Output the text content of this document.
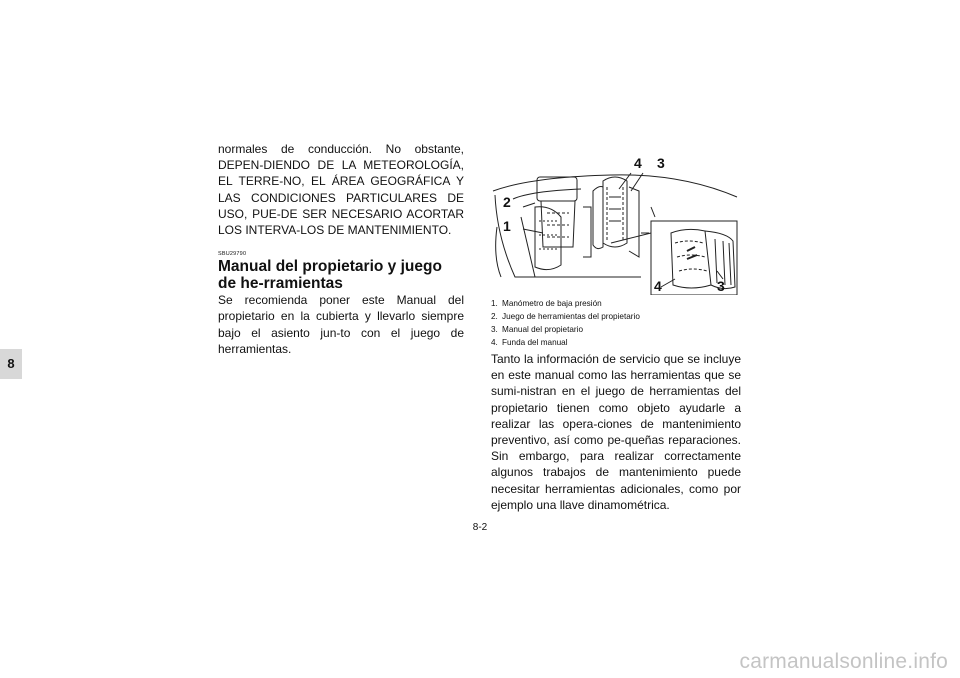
8

normales de conducción. No obstante, DEPEN-DIENDO DE LA METEOROLOGÍA, EL TERRE-NO, EL ÁREA GEOGRÁFICA Y LAS CONDICIONES PARTICULARES DE USO, PUE-DE SER NECESARIO ACORTAR LOS INTERVA-LOS DE MANTENIMIENTO.

SBU29790
Manual del propietario y juego de he-rramientas

Se recomienda poner este Manual del propietario en la cubierta y llevarlo siempre bajo el asiento jun-to con el juego de herramientas.

2
1
4 3
4	3
1. Manómetro de baja presión
2. Juego de herramientas del propietario
3. Manual del propietario
4. Funda del manual

Tanto la información de servicio que se incluye en este manual como las herramientas que se sumi-nistran en el juego de herramientas del propietario tienen como objeto ayudarle a realizar las opera-ciones de mantenimiento preventivo, así como pe-queñas reparaciones. Sin embargo, para realizar correctamente algunos trabajos de mantenimiento puede necesitar herramientas adicionales, como por ejemplo una llave dinamométrica.

8-2
carmanualsonline.info
